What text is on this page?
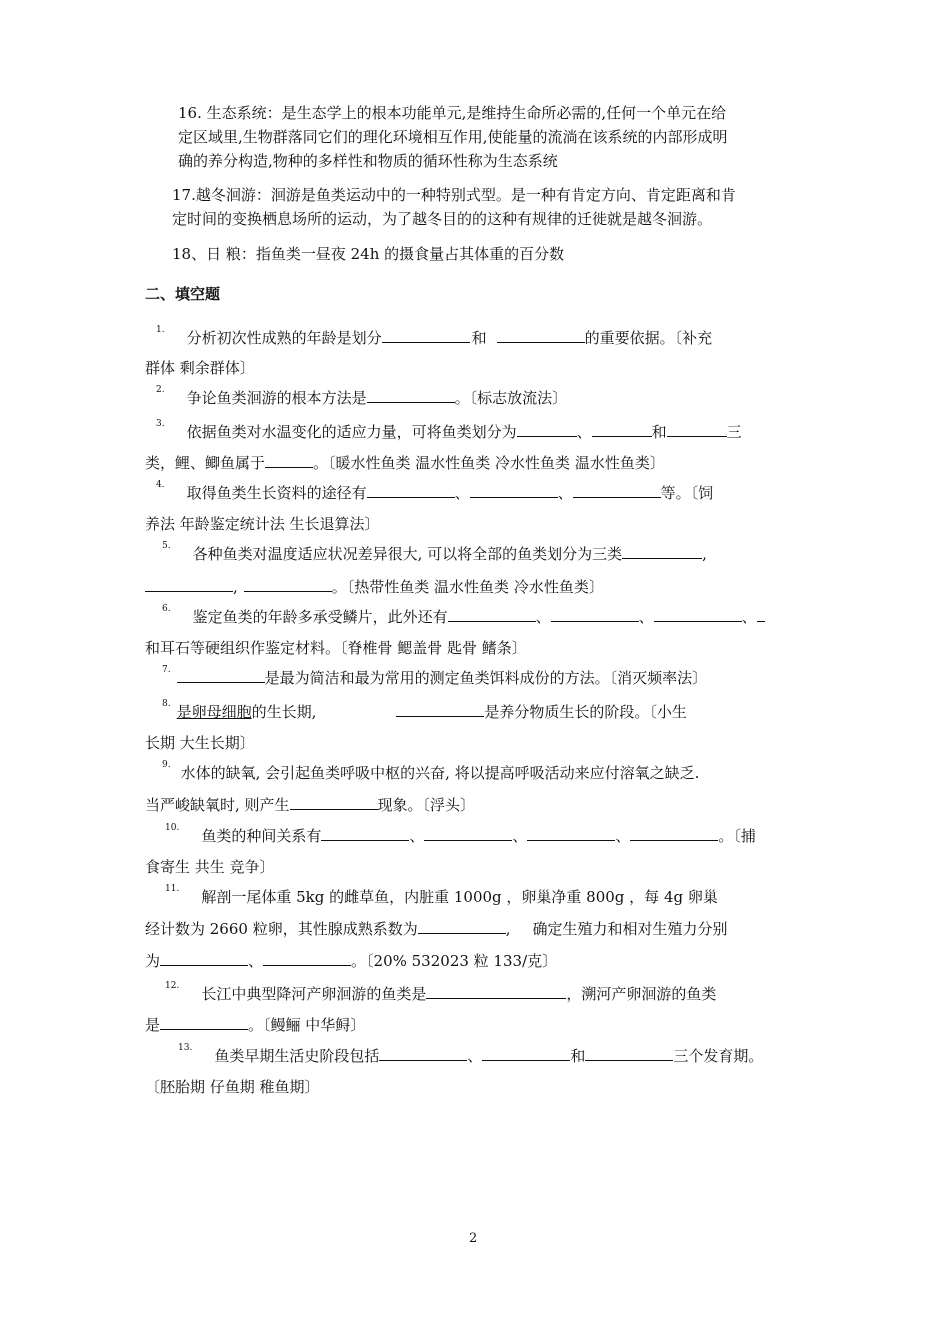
16. 生态系统：是生态学上的根本功能单元,是维持生命所必需的,任何一个单元在给
定区域里,生物群落同它们的理化环境相互作用,使能量的流淌在该系统的内部形成明
确的养分构造,物种的多样性和物质的循环性称为生态系统
17.越冬洄游：洄游是鱼类运动中的一种特别式型。是一种有肯定方向、肯定距离和肯
定时间的变换栖息场所的运动，为了越冬目的的这种有规律的迁徙就是越冬洄游。
18、日 粮：指鱼类一昼夜 24h 的摄食量占其体重的百分数
二、填空题
$^{1.}$ 分析初次性成熟的年龄是划分	和	的重要依据。〔补充
群体 剩余群体〕
$^{2.}$ 争论鱼类洄游的根本方法是	。〔标志放流法〕
$^{3.}$ 依据鱼类对水温变化的适应力量，可将鱼类划分为	、	和	三
类，鲤、鲫鱼属于	。〔暖水性鱼类 温水性鱼类 冷水性鱼类 温水性鱼类〕
$^{4.}$ 取得鱼类生长资料的途径有	、	、	等。〔饲
养法 年龄鉴定统计法 生长退算法〕
$^{5.}$ 各种鱼类对温度适应状况差异很大, 可以将全部的鱼类划分为三类	,
,	。〔热带性鱼类 温水性鱼类 冷水性鱼类〕
$^{6.}$ 鉴定鱼类的年龄多承受鳞片，此外还有	、	、	、
和耳石等硬组织作鉴定材料。〔脊椎骨 鳃盖骨 匙骨 鳍条〕
$^{7.}$	是最为简洁和最为常用的测定鱼类饵料成份的方法。〔消灭频率法〕
$^{8.}$ 是卵母细胞的生长期,	是养分物质生长的阶段。〔小生
长期 大生长期〕
$^{9.}$ 水体的缺氧, 会引起鱼类呼吸中枢的兴奋, 将以提高呼吸活动来应付溶氧之缺乏.
当严峻缺氧时, 则产生	现象。〔浮头〕
$^{10.}$ 鱼类的种间关系有	、	、	、	。〔捕
食寄生 共生 竞争〕
$^{11.}$ 解剖一尾体重 5kg 的雌草鱼，内脏重 1000g ，卵巢净重 800g ，每 4g 卵巢
经计数为 2660 粒卵，其性腺成熟系数为	, 确定生殖力和相对生殖力分别
为	、	。〔20% 532023 粒 133/克〕
$^{12.}$ 长江中典型降河产卵洄游的鱼类是	，溯河产卵洄游的鱼类
是	。〔鳗鲡 中华鲟〕
$^{13.}$ 鱼类早期生活史阶段包括	、	和	三个发育期。
〔胚胎期 仔鱼期 稚鱼期〕
2
